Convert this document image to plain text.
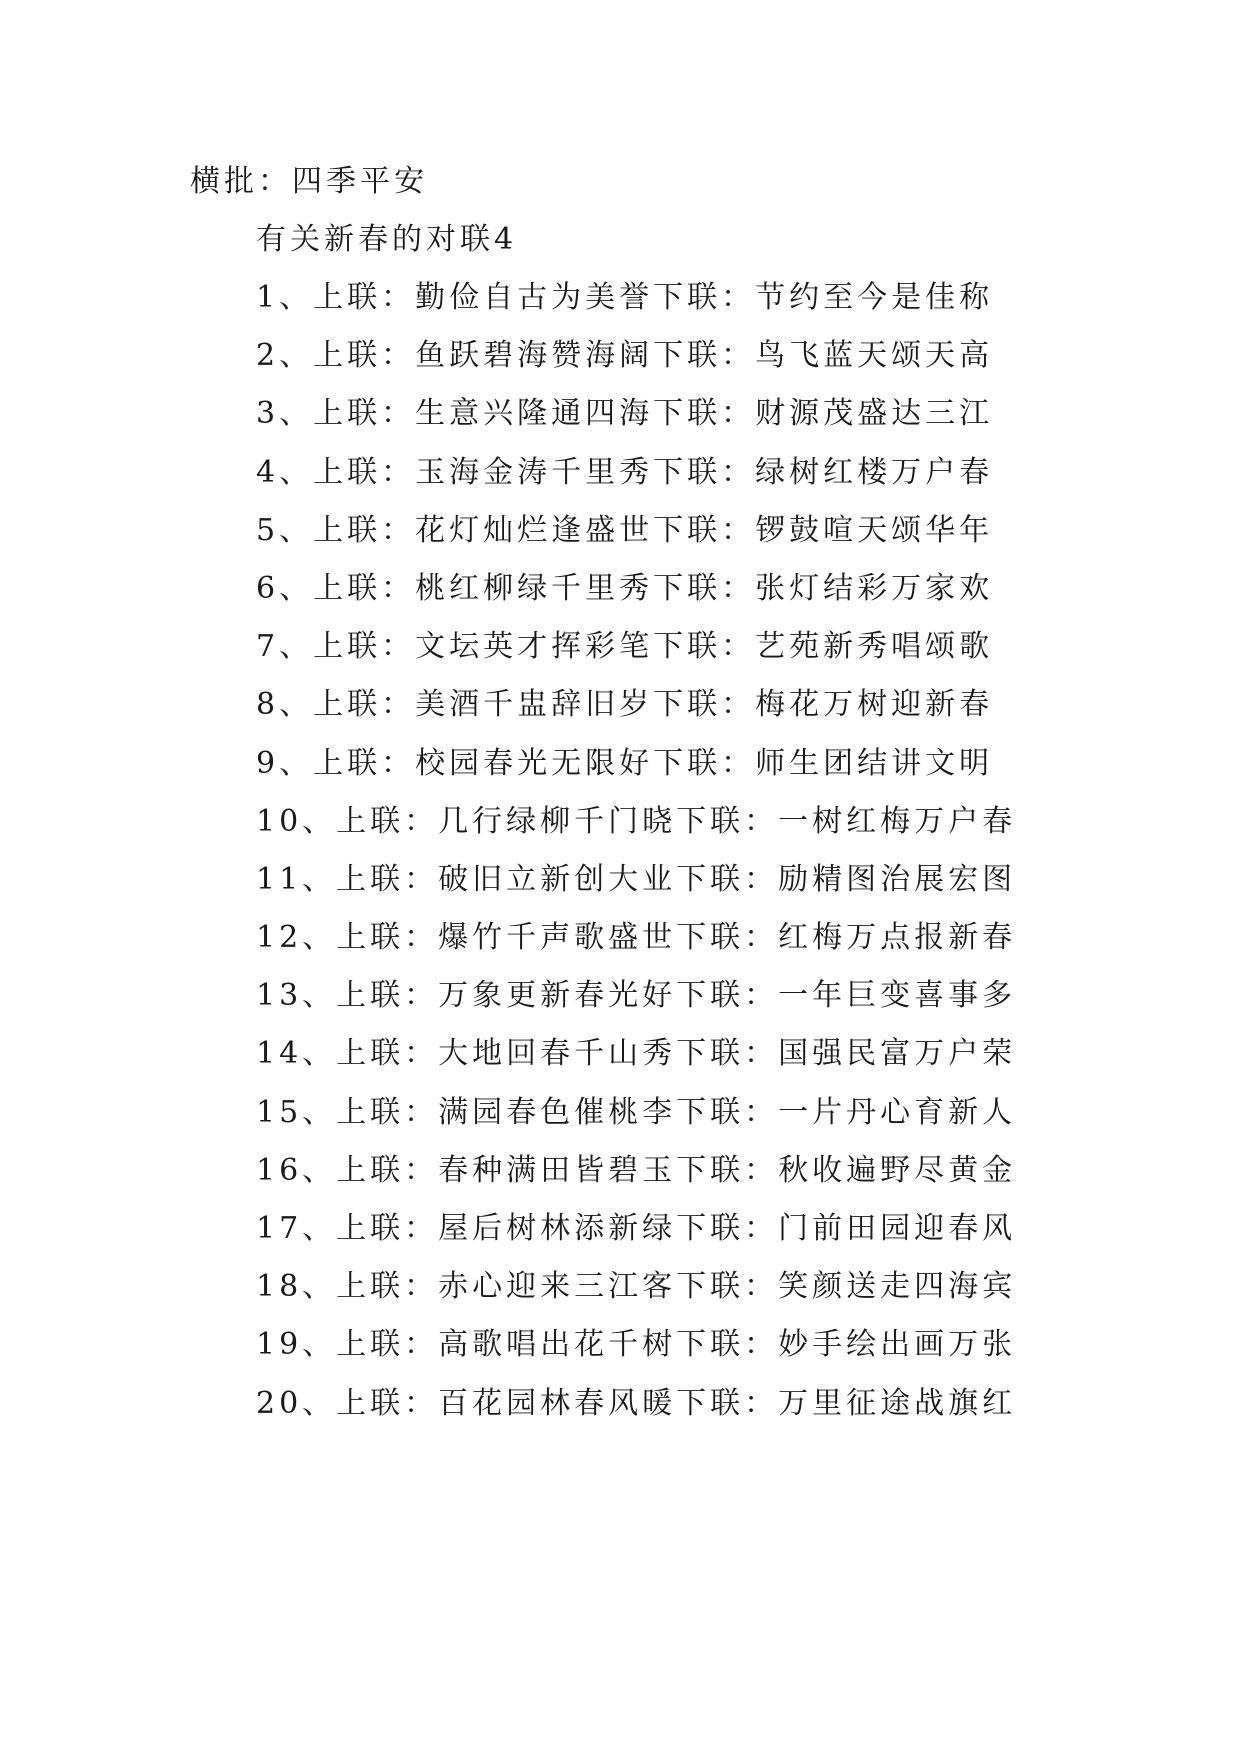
横批：四季平安
有关新春的对联4
1、上联：勤俭自古为美誉下联：节约至今是佳称
2、上联：鱼跃碧海赞海阔下联：鸟飞蓝天颂天高
3、上联：生意兴隆通四海下联：财源茂盛达三江
4、上联：玉海金涛千里秀下联：绿树红楼万户春
5、上联：花灯灿烂逢盛世下联：锣鼓喧天颂华年
6、上联：桃红柳绿千里秀下联：张灯结彩万家欢
7、上联：文坛英才挥彩笔下联：艺苑新秀唱颂歌
8、上联：美酒千盅辞旧岁下联：梅花万树迎新春
9、上联：校园春光无限好下联：师生团结讲文明
10、上联：几行绿柳千门晓下联：一树红梅万户春
11、上联：破旧立新创大业下联：励精图治展宏图
12、上联：爆竹千声歌盛世下联：红梅万点报新春
13、上联：万象更新春光好下联：一年巨变喜事多
14、上联：大地回春千山秀下联：国强民富万户荣
15、上联：满园春色催桃李下联：一片丹心育新人
16、上联：春种满田皆碧玉下联：秋收遍野尽黄金
17、上联：屋后树林添新绿下联：门前田园迎春风
18、上联：赤心迎来三江客下联：笑颜送走四海宾
19、上联：高歌唱出花千树下联：妙手绘出画万张
20、上联：百花园林春风暖下联：万里征途战旗红
